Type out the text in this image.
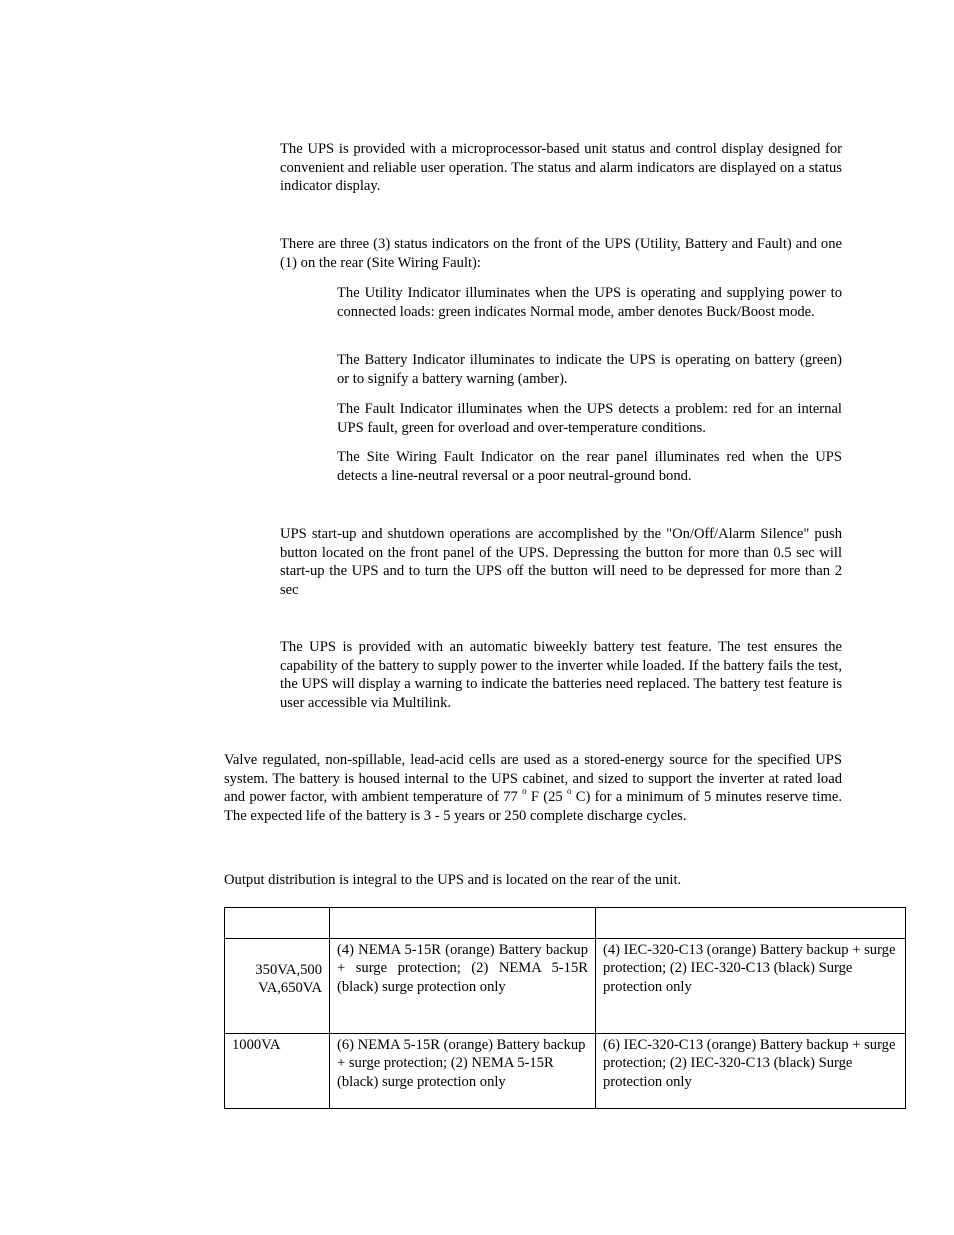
The UPS is provided with a microprocessor-based unit status and control display designed for convenient and reliable user operation. The status and alarm indicators are displayed on a status indicator display.

There are three (3) status indicators on the front of the UPS (Utility, Battery and Fault) and one (1) on the rear (Site Wiring Fault):

The Utility Indicator illuminates when the UPS is operating and supplying power to connected loads: green indicates Normal mode, amber denotes Buck/Boost mode.

The Battery Indicator illuminates to indicate the UPS is operating on battery (green) or to signify a battery warning (amber).

The Fault Indicator illuminates when the UPS detects a problem: red for an internal UPS fault, green for overload and over-temperature conditions.

The Site Wiring Fault Indicator on the rear panel illuminates red when the UPS detects a line-neutral reversal or a poor neutral-ground bond.

UPS start-up and shutdown operations are accomplished by the "On/Off/Alarm Silence" push button located on the front panel of the UPS. Depressing the button for more than 0.5 sec will start-up the UPS and to turn the UPS off the button will need to be depressed for more than 2 sec

The UPS is provided with an automatic biweekly battery test feature. The test ensures the capability of the battery to supply power to the inverter while loaded. If the battery fails the test, the UPS will display a warning to indicate the batteries need replaced. The battery test feature is user accessible via Multilink.

Valve regulated, non-spillable, lead-acid cells are used as a stored-energy source for the specified UPS system. The battery is housed internal to the UPS cabinet, and sized to support the inverter at rated load and power factor, with ambient temperature of 77 $^o$ F (25 $^o$ C) for a minimum of 5 minutes reserve time. The expected life of the battery is 3 - 5 years or 250 complete discharge cycles.

Output distribution is integral to the UPS and is located on the rear of the unit.

350VA,500 VA,650VA	(4) NEMA 5-15R (orange) Battery backup + surge protection; (2) NEMA 5-15R (black) surge protection only	(4) IEC-320-C13 (orange) Battery backup + surge protection; (2) IEC-320-C13 (black) Surge protection only
1000VA	(6) NEMA 5-15R (orange) Battery backup + surge protection; (2) NEMA 5-15R (black) surge protection only	(6) IEC-320-C13 (orange) Battery backup + surge protection; (2) IEC-320-C13 (black) Surge protection only
